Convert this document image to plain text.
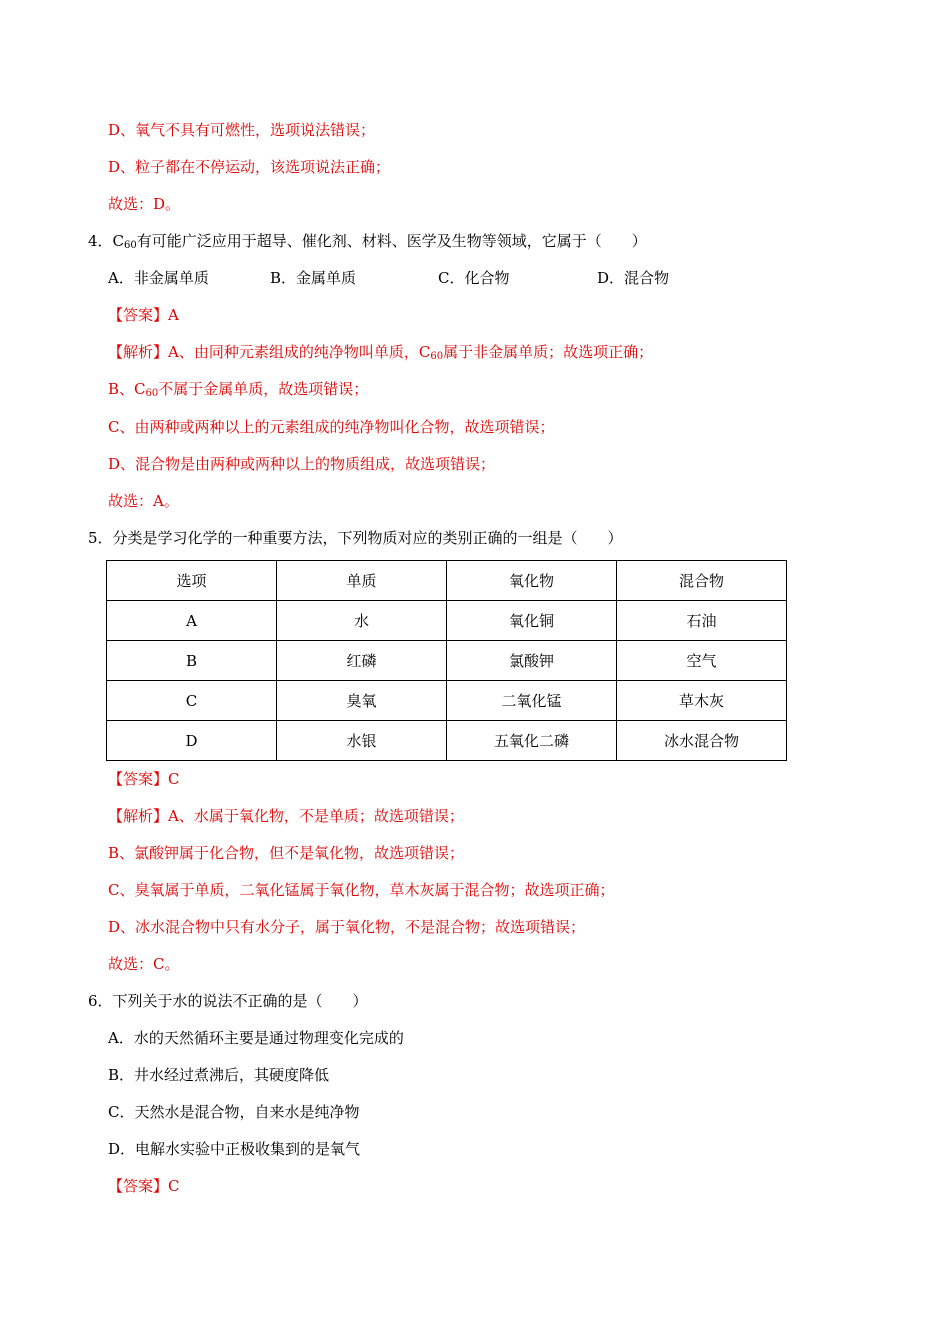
D、氧气不具有可燃性，选项说法错误；
D、粒子都在不停运动，该选项说法正确；
故选：D。
4．$C_{60}$有可能广泛应用于超导、催化剂、材料、医学及生物等领域，它属于（　　）
A．非金属单质	B．金属单质	C．化合物	D．混合物
【答案】A
【解析】A、由同种元素组成的纯净物叫单质，$C_{60}$属于非金属单质；故选项正确；
B、$C_{60}$不属于金属单质，故选项错误；
C、由两种或两种以上的元素组成的纯净物叫化合物，故选项错误；
D、混合物是由两种或两种以上的物质组成，故选项错误；
故选：A。
5．分类是学习化学的一种重要方法，下列物质对应的类别正确的一组是（　　）
选项	单质	氧化物	混合物
A	水	氧化铜	石油
B	红磷	氯酸钾	空气
C	臭氧	二氧化锰	草木灰
D	水银	五氧化二磷	冰水混合物
【答案】C
【解析】A、水属于氧化物，不是单质；故选项错误；
B、氯酸钾属于化合物，但不是氧化物，故选项错误；
C、臭氧属于单质，二氧化锰属于氧化物，草木灰属于混合物；故选项正确；
D、冰水混合物中只有水分子，属于氧化物，不是混合物；故选项错误；
故选：C。
6．下列关于水的说法不正确的是（　　）
A．水的天然循环主要是通过物理变化完成的
B．井水经过煮沸后，其硬度降低
C．天然水是混合物，自来水是纯净物
D．电解水实验中正极收集到的是氧气
【答案】C
